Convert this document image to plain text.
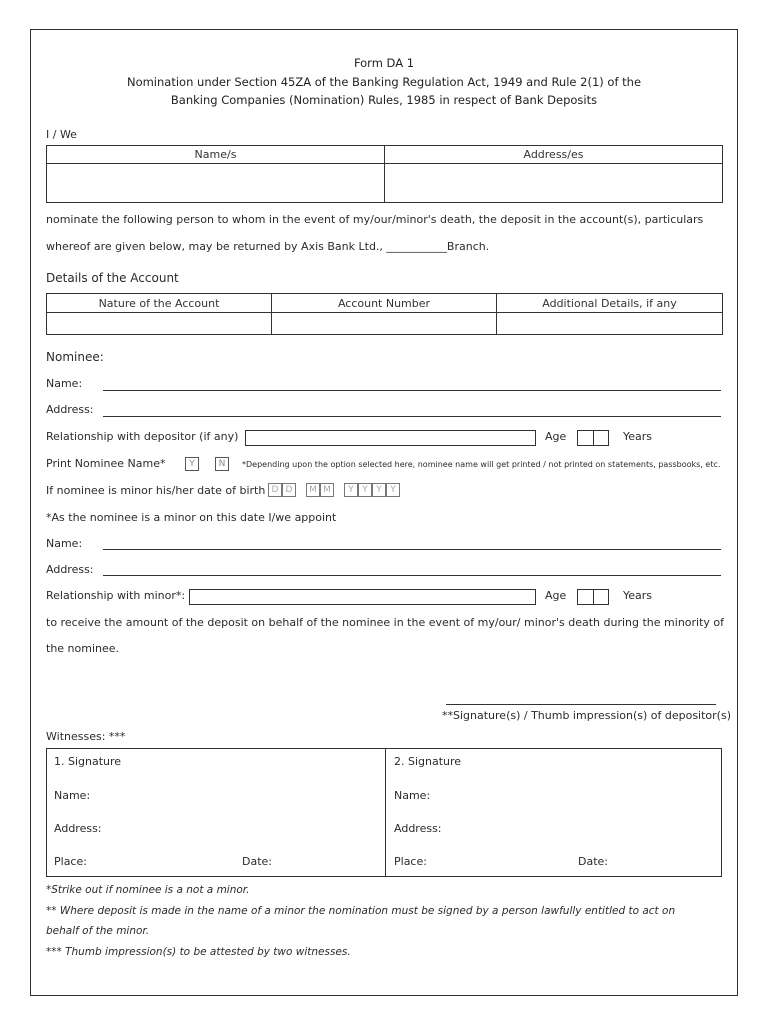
Form DA 1
Nomination under Section 45ZA of the Banking Regulation Act, 1949 and Rule 2(1) of the
Banking Companies (Nomination) Rules, 1985 in respect of Bank Deposits
I / We
Name/s	Address/es

nominate the following person to whom in the event of my/our/minor's death, the deposit in the account(s), particulars
whereof are given below, may be returned by Axis Bank Ltd., ___________Branch.
Details of the Account
Nature of the Account	Account Number	Additional Details, if any

Nominee:
Name:
Address:
Relationship with depositor (if any)	Age	Years
Print Nominee Name*	Y	N	*Depending upon the option selected here, nominee name will get printed / not printed on statements, passbooks, etc.
If nominee is minor his/her date of birth D D	M M	Y Y Y Y
*As the nominee is a minor on this date I/we appoint
Name:
Address:
Relationship with minor*:	Age	Years
to receive the amount of the deposit on behalf of the nominee in the event of my/our/ minor's death during the minority of
the nominee.
**Signature(s) / Thumb impression(s) of depositor(s)
Witnesses: ***
1. Signature
Name:
Address:
Place:	Date:
2. Signature
Name:
Address:
Place:	Date:
*Strike out if nominee is a not a minor.
** Where deposit is made in the name of a minor the nomination must be signed by a person lawfully entitled to act on
behalf of the minor.
*** Thumb impression(s) to be attested by two witnesses.
